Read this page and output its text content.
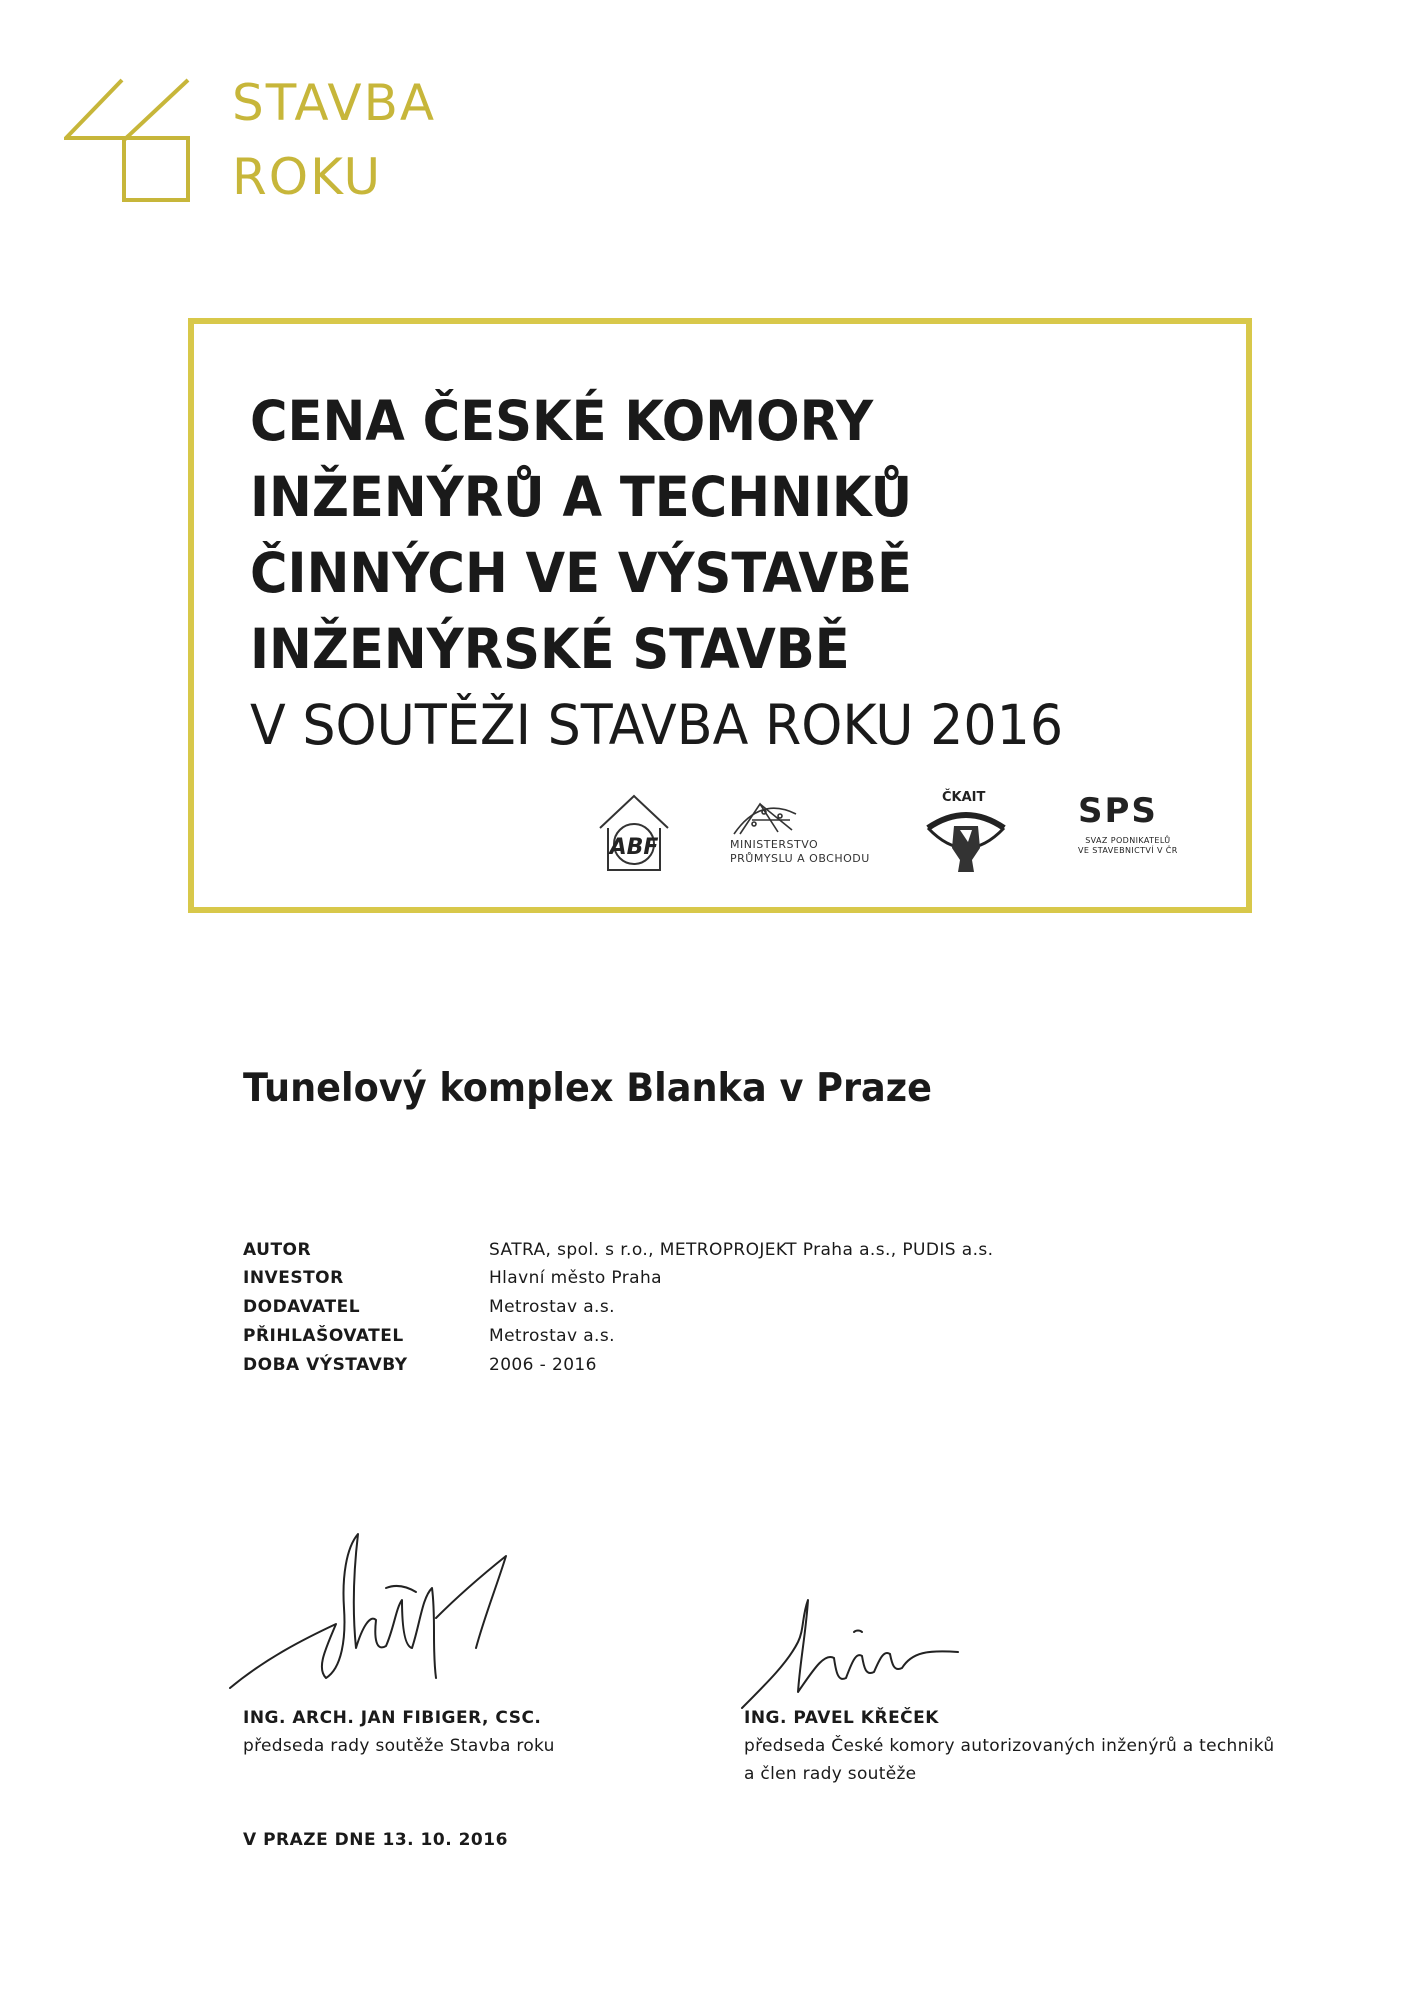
STAVBA
ROKU
CENA ČESKÉ KOMORY
INŽENÝRŮ A TECHNIKŮ
ČINNÝCH VE VÝSTAVBĚ
INŽENÝRSKÉ STAVBĚ
V SOUTĚŽI STAVBA ROKU 2016
ABF	MINISTERSTVO
PRŮMYSLU A OBCHODU
ČKAIT	SPS
SVAZ PODNIKATELŮ
VE STAVEBNICTVÍ V ČR
Tunelový komplex Blanka v Praze
AUTOR	SATRA, spol. s r.o., METROPROJEKT Praha a.s., PUDIS a.s.
INVESTOR	Hlavní město Praha
DODAVATEL	Metrostav a.s.
PŘIHLAŠOVATEL	Metrostav a.s.
DOBA VÝSTAVBY	2006 - 2016
ING. ARCH. JAN FIBIGER, CSC.
předseda rady soutěže Stavba roku
ING. PAVEL KŘEČEK
předseda České komory autorizovaných inženýrů a techniků
a člen rady soutěže
V PRAZE DNE 13. 10. 2016
